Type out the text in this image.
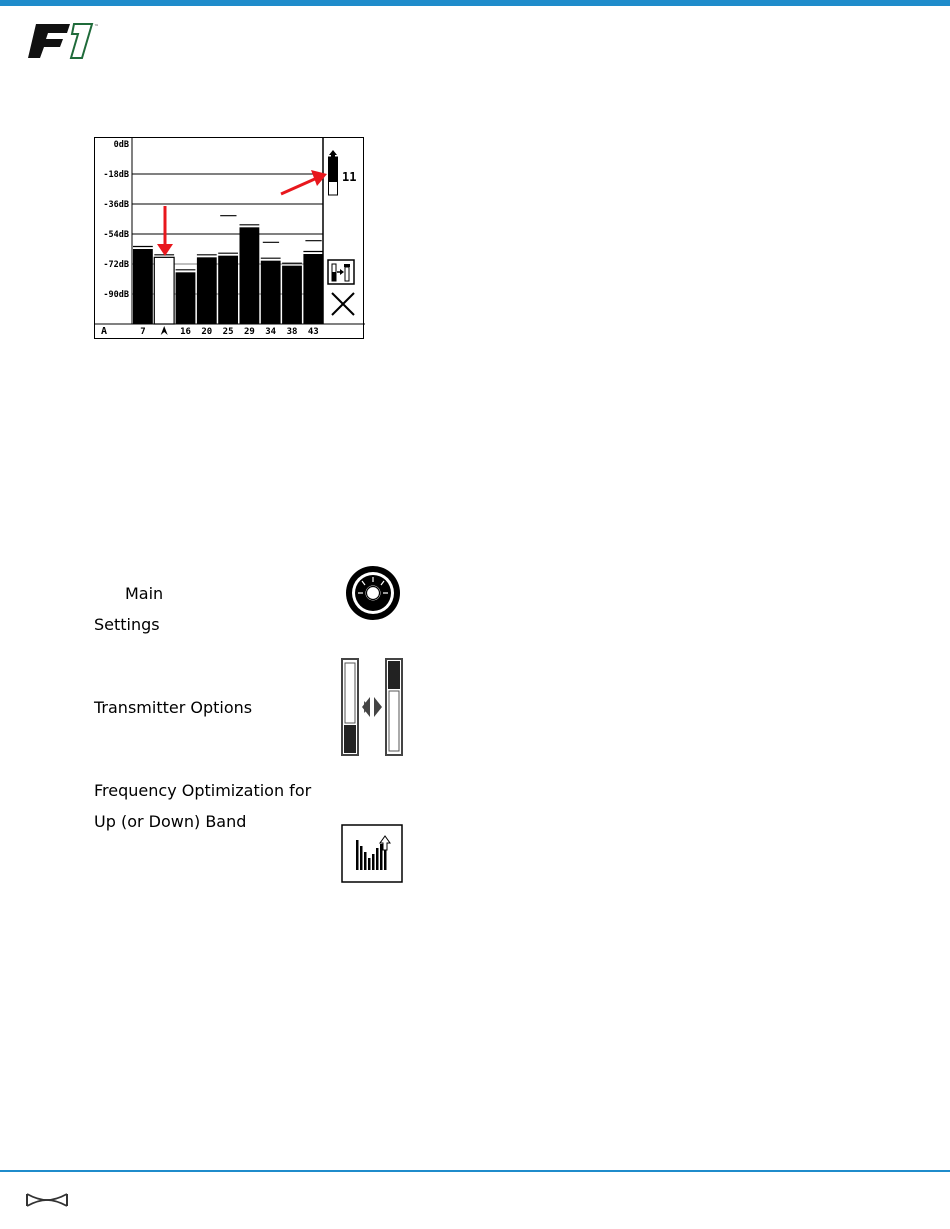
™
0dB
-18dB
-36dB
-54dB
-72dB
-90dB
7	16 20 25 29 34 38 43
A
11
Main
Settings
Transmitter Options
Frequency Optimization for
Up (or Down) Band
